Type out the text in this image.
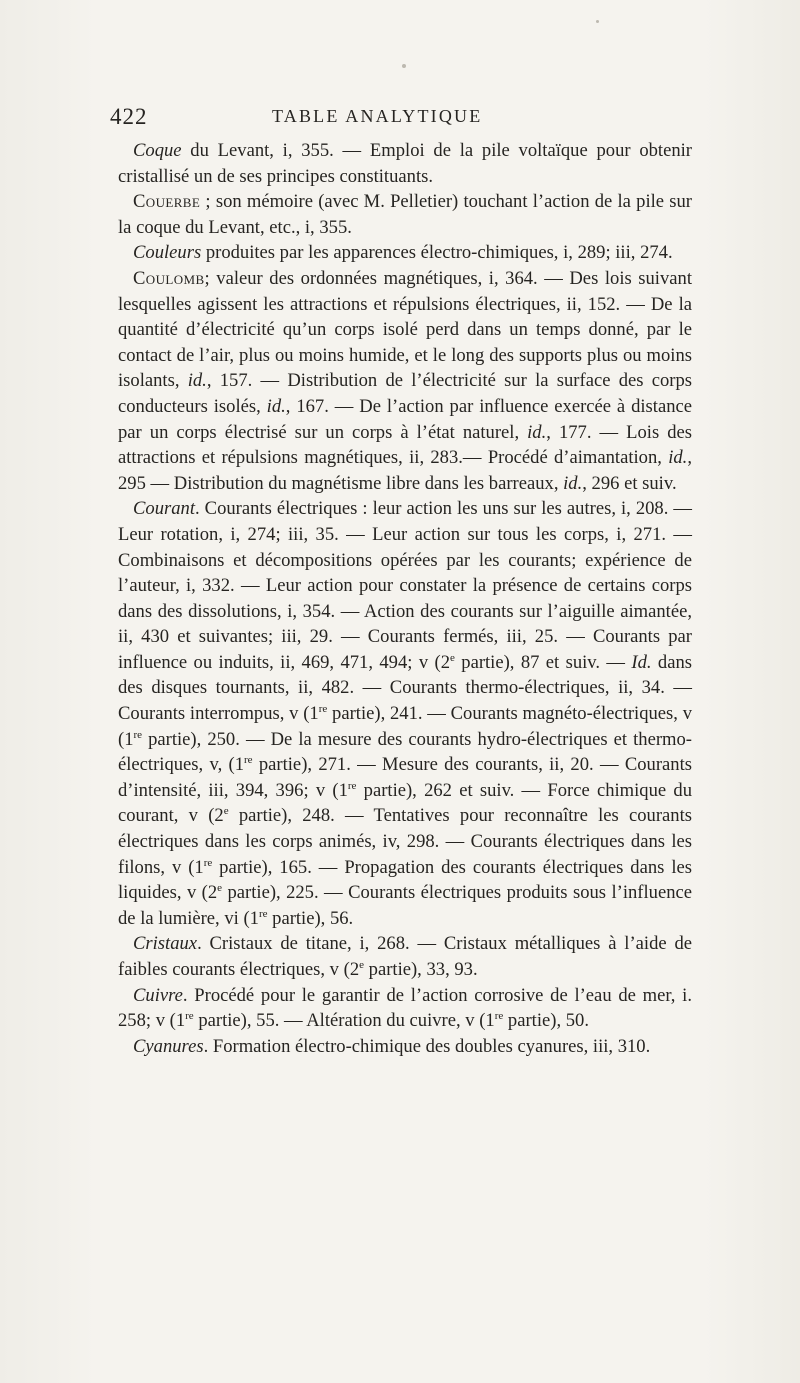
422	TABLE ANALYTIQUE

Coque du Levant, i, 355. — Emploi de la pile voltaïque pour obtenir cristallisé un de ses principes constituants.

Couerbe ; son mémoire (avec M. Pelletier) touchant l’action de la pile sur la coque du Levant, etc., i, 355.

Couleurs produites par les apparences électro-chimiques, i, 289; iii, 274.

Coulomb; valeur des ordonnées magnétiques, i, 364. — Des lois suivant lesquelles agissent les attractions et répulsions électriques, ii, 152. — De la quantité d’électricité qu’un corps isolé perd dans un temps donné, par le contact de l’air, plus ou moins humide, et le long des supports plus ou moins isolants, id., 157. — Distribution de l’électricité sur la surface des corps conducteurs isolés, id., 167. — De l’action par influence exercée à distance par un corps électrisé sur un corps à l’état naturel, id., 177. — Lois des attractions et répulsions magnétiques, ii, 283.— Procédé d’aimantation, id., 295 — Distribution du magnétisme libre dans les barreaux, id., 296 et suiv.

Courant. Courants électriques : leur action les uns sur les autres, i, 208. — Leur rotation, i, 274; iii, 35. — Leur action sur tous les corps, i, 271. — Combinaisons et décompositions opérées par les courants; expérience de l’auteur, i, 332. — Leur action pour constater la présence de certains corps dans des dissolutions, i, 354. — Action des courants sur l’aiguille aimantée, ii, 430 et suivantes; iii, 29. — Courants fermés, iii, 25. — Courants par influence ou induits, ii, 469, 471, 494; v (2e partie), 87 et suiv. — Id. dans des disques tournants, ii, 482. — Courants thermo-électriques, ii, 34. — Courants interrompus, v (1re partie), 241. — Courants magnéto-électriques, v (1re partie), 250. — De la mesure des courants hydro-électriques et thermo-électriques, v, (1re partie), 271. — Mesure des courants, ii, 20. — Courants d’intensité, iii, 394, 396; v (1re partie), 262 et suiv. — Force chimique du courant, v (2e partie), 248. — Tentatives pour reconnaître les courants électriques dans les corps animés, iv, 298. — Courants électriques dans les filons, v (1re partie), 165. — Propagation des courants électriques dans les liquides, v (2e partie), 225. — Courants électriques produits sous l’influence de la lumière, vi (1re partie), 56.

Cristaux. Cristaux de titane, i, 268. — Cristaux métalliques à l’aide de faibles courants électriques, v (2e partie), 33, 93.

Cuivre. Procédé pour le garantir de l’action corrosive de l’eau de mer, i. 258; v (1re partie), 55. — Altération du cuivre, v (1re partie), 50.

Cyanures. Formation électro-chimique des doubles cyanures, iii, 310.
